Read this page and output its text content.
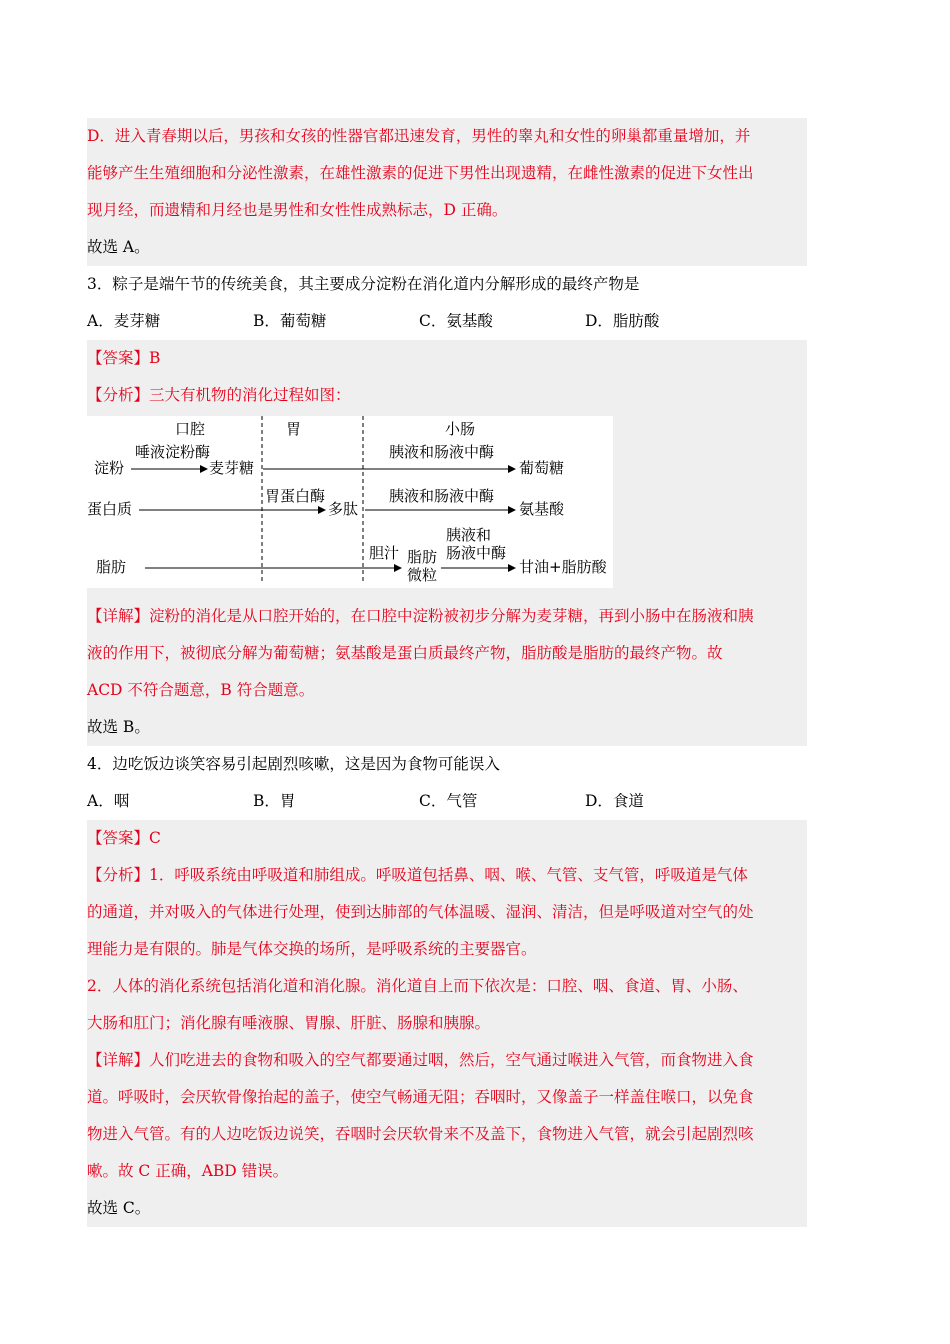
D．进入青春期以后，男孩和女孩的性器官都迅速发育，男性的睾丸和女性的卵巢都重量增加，并
能够产生生殖细胞和分泌性激素，在雄性激素的促进下男性出现遗精，在雌性激素的促进下女性出
现月经，而遗精和月经也是男性和女性性成熟标志，D 正确。
故选 A。
3．粽子是端午节的传统美食，其主要成分淀粉在消化道内分解形成的最终产物是
A．麦芽糖	B．葡萄糖	C．氨基酸	D．脂肪酸
【答案】B
【分析】三大有机物的消化过程如图：
口腔	胃	小肠
淀粉
唾液淀粉酶
麦芽糖
胰液和肠液中酶
葡萄糖
蛋白质
胃蛋白酶
多肽
胰液和肠液中酶
氨基酸
脂肪
胆汁 脂肪
微粒
胰液和
肠液中酶
甘油+脂肪酸
【详解】淀粉的消化是从口腔开始的，在口腔中淀粉被初步分解为麦芽糖，再到小肠中在肠液和胰
液的作用下，被彻底分解为葡萄糖；氨基酸是蛋白质最终产物，脂肪酸是脂肪的最终产物。故
ACD 不符合题意，B 符合题意。
故选 B。
4．边吃饭边谈笑容易引起剧烈咳嗽，这是因为食物可能误入
A．咽	B．胃	C．气管	D．食道
【答案】C
【分析】1．呼吸系统由呼吸道和肺组成。呼吸道包括鼻、咽、喉、气管、支气管，呼吸道是气体
的通道，并对吸入的气体进行处理，使到达肺部的气体温暖、湿润、清洁，但是呼吸道对空气的处
理能力是有限的。肺是气体交换的场所，是呼吸系统的主要器官。
2．人体的消化系统包括消化道和消化腺。消化道自上而下依次是：口腔、咽、食道、胃、小肠、
大肠和肛门；消化腺有唾液腺、胃腺、肝脏、肠腺和胰腺。
【详解】人们吃进去的食物和吸入的空气都要通过咽，然后，空气通过喉进入气管，而食物进入食
道。呼吸时，会厌软骨像抬起的盖子，使空气畅通无阻；吞咽时，又像盖子一样盖住喉口，以免食
物进入气管。有的人边吃饭边说笑，吞咽时会厌软骨来不及盖下，食物进入气管，就会引起剧烈咳
嗽。故 C 正确，ABD 错误。
故选 C。
